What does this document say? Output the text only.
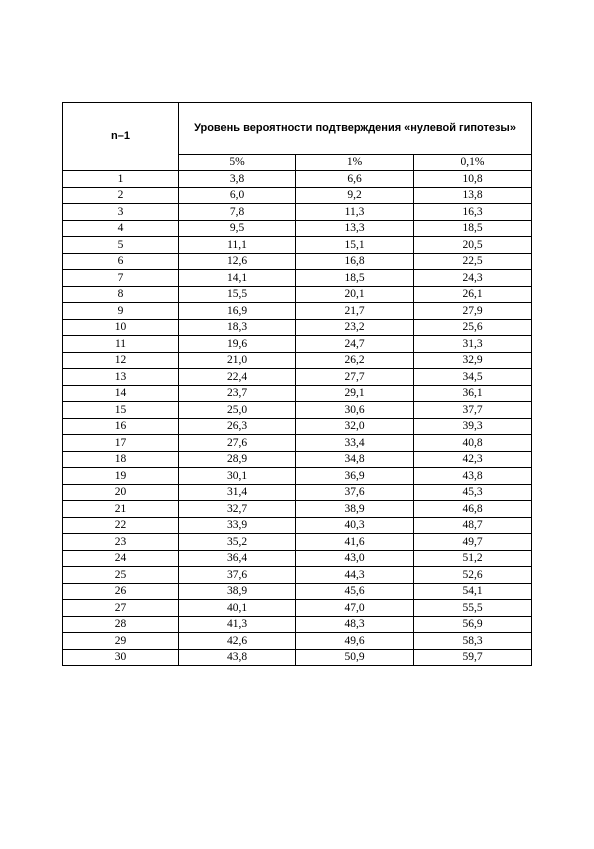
n–1	Уровень вероятности подтверждения «нулевой гипотезы»		
	5%	1%	0,1%
1	3,8	6,6	10,8
2	6,0	9,2	13,8
3	7,8	11,3	16,3
4	9,5	13,3	18,5
5	11,1	15,1	20,5
6	12,6	16,8	22,5
7	14,1	18,5	24,3
8	15,5	20,1	26,1
9	16,9	21,7	27,9
10	18,3	23,2	25,6
11	19,6	24,7	31,3
12	21,0	26,2	32,9
13	22,4	27,7	34,5
14	23,7	29,1	36,1
15	25,0	30,6	37,7
16	26,3	32,0	39,3
17	27,6	33,4	40,8
18	28,9	34,8	42,3
19	30,1	36,9	43,8
20	31,4	37,6	45,3
21	32,7	38,9	46,8
22	33,9	40,3	48,7
23	35,2	41,6	49,7
24	36,4	43,0	51,2
25	37,6	44,3	52,6
26	38,9	45,6	54,1
27	40,1	47,0	55,5
28	41,3	48,3	56,9
29	42,6	49,6	58,3
30	43,8	50,9	59,7
